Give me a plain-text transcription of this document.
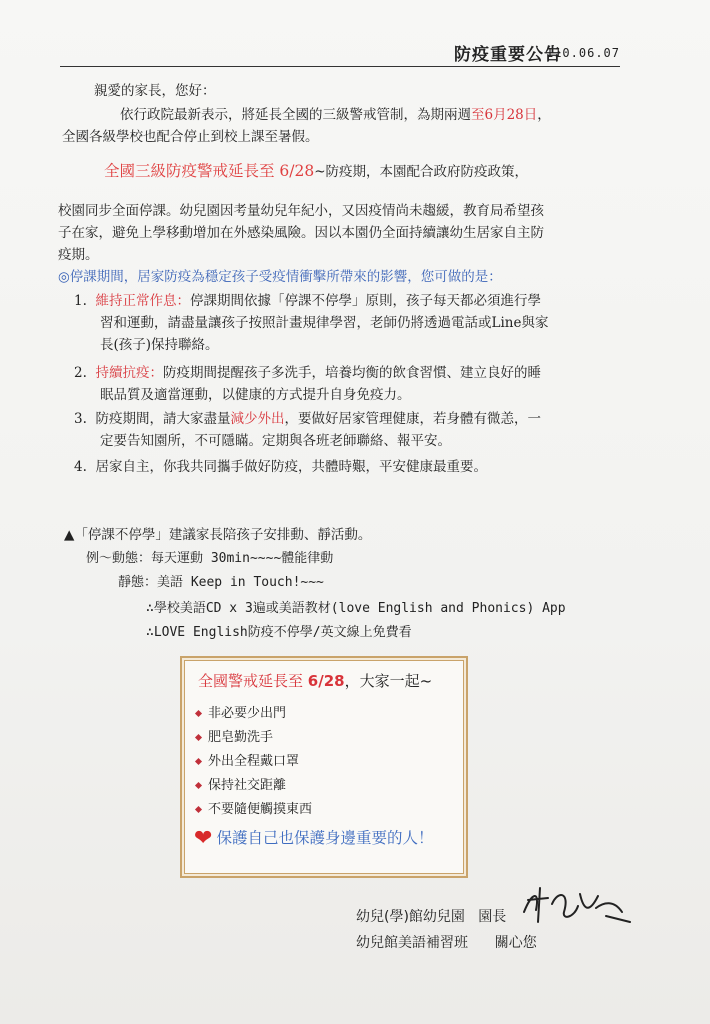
防疫重要公告
110.06.07
親愛的家長，您好：
依行政院最新表示，將延長全國的三級警戒管制，為期兩週至6月28日，
全國各級學校也配合停止到校上課至暑假。
全國三級防疫警戒延長至 6/28~防疫期，本園配合政府防疫政策，
校園同步全面停課。幼兒園因考量幼兒年紀小，又因疫情尚未趨緩，教育局希望孩
子在家，避免上學移動增加在外感染風險。因以本園仍全面持續讓幼生居家自主防
疫期。
◎停課期間，居家防疫為穩定孩子受疫情衝擊所帶來的影響，您可做的是：
1. 維持正常作息：停課期間依據「停課不停學」原則，孩子每天都必須進行學
習和運動，請盡量讓孩子按照計畫規律學習，老師仍將透過電話或Line與家
長(孩子)保持聯絡。
2. 持續抗疫：防疫期間提醒孩子多洗手，培養均衡的飲食習慣、建立良好的睡
眠品質及適當運動，以健康的方式提升自身免疫力。
3. 防疫期間，請大家盡量減少外出，要做好居家管理健康，若身體有微恙，一
定要告知園所，不可隱瞞。定期與各班老師聯絡、報平安。
4. 居家自主，你我共同攜手做好防疫，共體時艱，平安健康最重要。
▲「停課不停學」建議家長陪孩子安排動、靜活動。
例～動態：每天運動 30min~~~~體能律動
靜態：美語 Keep in Touch!~~~
∴學校美語CD x 3遍或美語教材(love English and Phonics) App
∴LOVE English防疫不停學/英文線上免費看
全國警戒延長至 6/28，大家一起~
非必要少出門
肥皂勤洗手
外出全程戴口罩
保持社交距離
不要隨便觸摸東西
❤ 保護自己也保護身邊重要的人！
幼兒(學)館幼兒園 園長
幼兒館美語補習班 關心您
